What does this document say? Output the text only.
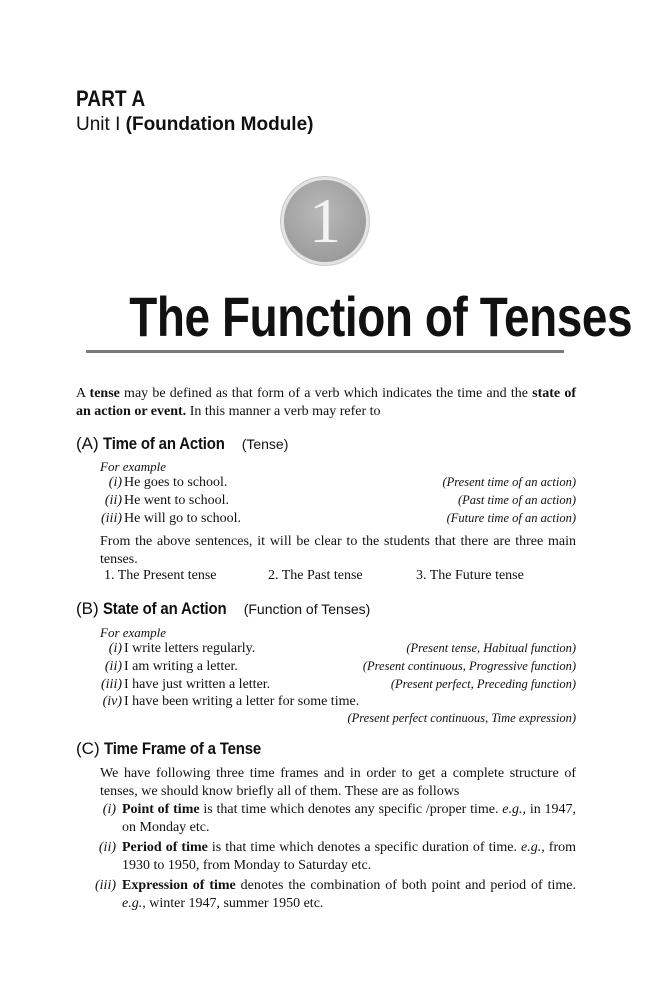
PART A
Unit I (Foundation Module)
1
The Function of Tenses
A tense may be defined as that form of a verb which indicates the time and the state of an action or event. In this manner a verb may refer to
(A) Time of an Action (Tense)
For example
(i) He goes to school.	(Present time of an action)
(ii) He went to school.	(Past time of an action)
(iii) He will go to school.	(Future time of an action)
From the above sentences, it will be clear to the students that there are three main tenses.
1. The Present tense	2. The Past tense	3. The Future tense
(B) State of an Action (Function of Tenses)
For example
(i) I write letters regularly.	(Present tense, Habitual function)
(ii) I am writing a letter.	(Present continuous, Progressive function)
(iii) I have just written a letter.	(Present perfect, Preceding function)
(iv) I have been writing a letter for some time.
(Present perfect continuous, Time expression)
(C) Time Frame of a Tense
We have following three time frames and in order to get a complete structure of tenses, we should know briefly all of them. These are as follows
(i) Point of time is that time which denotes any specific /proper time. e.g., in 1947, on Monday etc.
(ii) Period of time is that time which denotes a specific duration of time. e.g., from 1930 to 1950, from Monday to Saturday etc.
(iii) Expression of time denotes the combination of both point and period of time. e.g., winter 1947, summer 1950 etc.
